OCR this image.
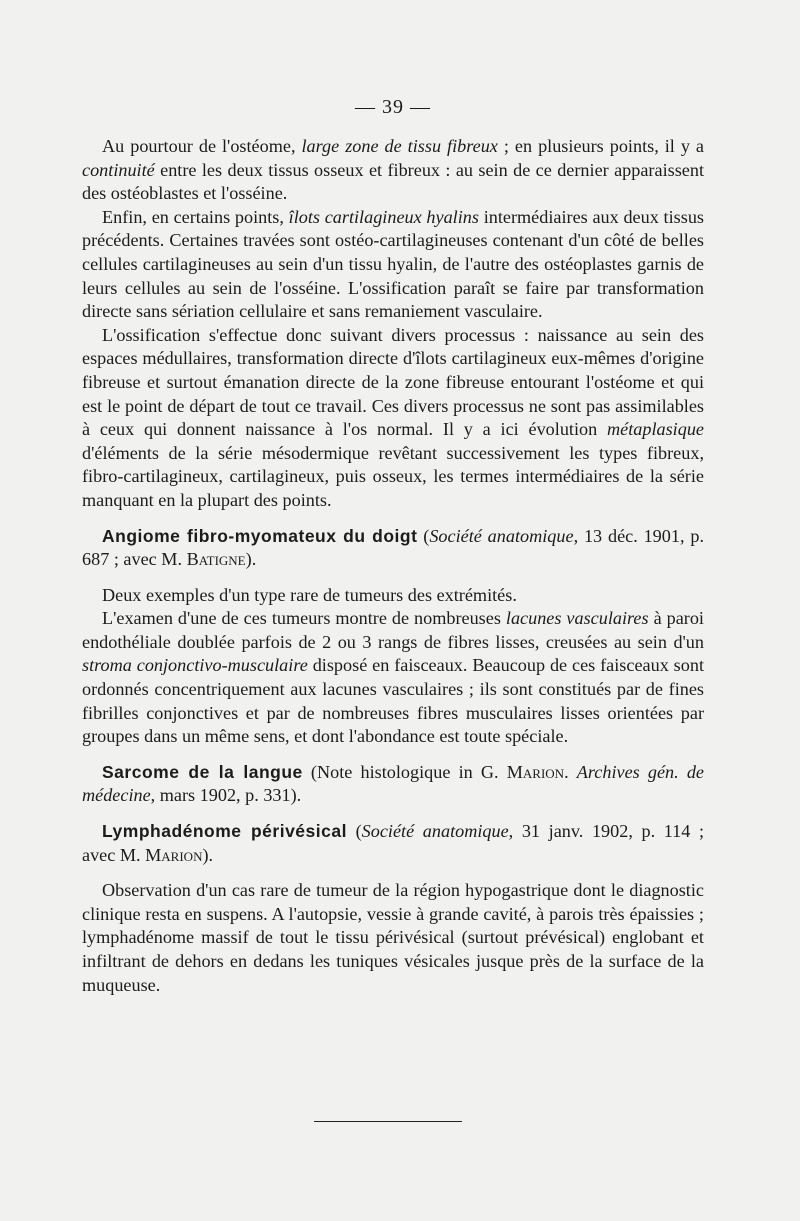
— 39 —

Au pourtour de l'ostéome, large zone de tissu fibreux ; en plusieurs points, il y a continuité entre les deux tissus osseux et fibreux : au sein de ce dernier apparaissent des ostéoblastes et l'osséine.

Enfin, en certains points, îlots cartilagineux hyalins intermédiaires aux deux tissus précédents. Certaines travées sont ostéo-cartilagineuses contenant d'un côté de belles cellules cartilagineuses au sein d'un tissu hyalin, de l'autre des ostéoplastes garnis de leurs cellules au sein de l'osséine. L'ossification paraît se faire par transformation directe sans sériation cellulaire et sans remaniement vasculaire.

L'ossification s'effectue donc suivant divers processus : naissance au sein des espaces médullaires, transformation directe d'îlots cartilagineux eux-mêmes d'origine fibreuse et surtout émanation directe de la zone fibreuse entourant l'ostéome et qui est le point de départ de tout ce travail. Ces divers processus ne sont pas assimilables à ceux qui donnent naissance à l'os normal. Il y a ici évolution métaplasique d'éléments de la série mésodermique revêtant successivement les types fibreux, fibro-cartilagineux, cartilagineux, puis osseux, les termes intermédiaires de la série manquant en la plupart des points.

Angiome fibro-myomateux du doigt (Société anatomique, 13 déc. 1901, p. 687 ; avec M. Batigne).

Deux exemples d'un type rare de tumeurs des extrémités.

L'examen d'une de ces tumeurs montre de nombreuses lacunes vasculaires à paroi endothéliale doublée parfois de 2 ou 3 rangs de fibres lisses, creusées au sein d'un stroma conjonctivo-musculaire disposé en faisceaux. Beaucoup de ces faisceaux sont ordonnés concentriquement aux lacunes vasculaires ; ils sont constitués par de fines fibrilles conjonctives et par de nombreuses fibres musculaires lisses orientées par groupes dans un même sens, et dont l'abondance est toute spéciale.

Sarcome de la langue (Note histologique in G. Marion. Archives gén. de médecine, mars 1902, p. 331).

Lymphadénome périvésical (Société anatomique, 31 janv. 1902, p. 114 ; avec M. Marion).

Observation d'un cas rare de tumeur de la région hypogastrique dont le diagnostic clinique resta en suspens. A l'autopsie, vessie à grande cavité, à parois très épaissies ; lymphadénome massif de tout le tissu périvésical (surtout prévésical) englobant et infiltrant de dehors en dedans les tuniques vésicales jusque près de la surface de la muqueuse.
